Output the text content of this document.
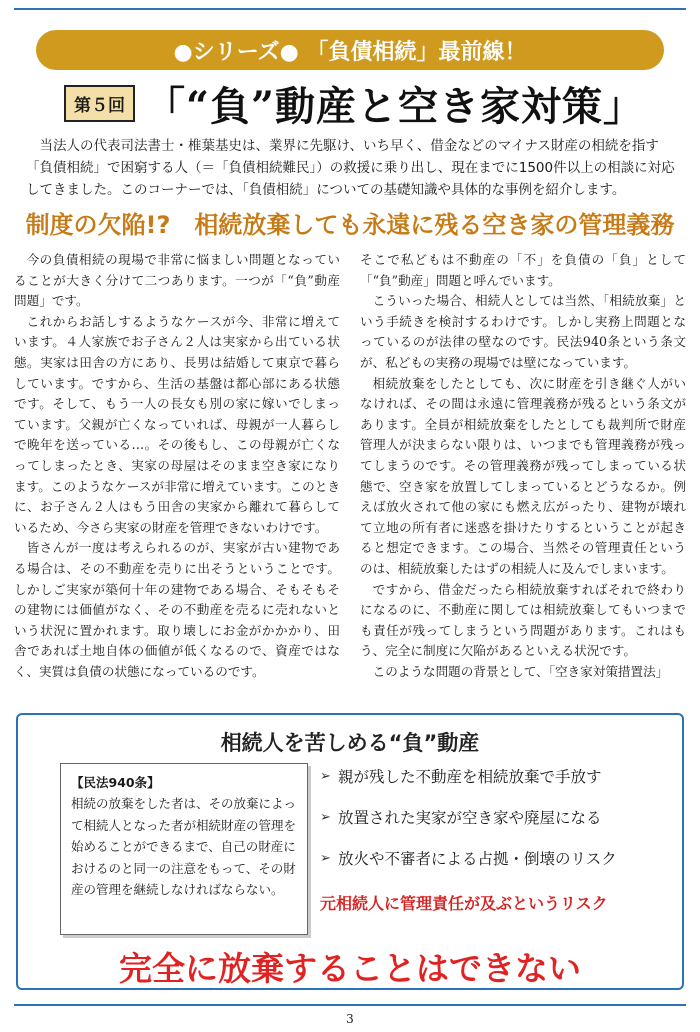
●シリーズ● 「負債相続」最前線！
第５回 「“負”動産と空き家対策」

当法人の代表司法書士・椎葉基史は、業界に先駆け、いち早く、借金などのマイナス財産の相続を指す「負債相続」で困窮する人（＝「負債相続難民」）の救援に乗り出し、現在までに1500件以上の相談に対応してきました。このコーナーでは、「負債相続」についての基礎知識や具体的な事例を紹介します。

制度の欠陥!?　相続放棄しても永遠に残る空き家の管理義務

今の負債相続の現場で非常に悩ましい問題となっていることが大きく分けて二つあります。一つが「“負”動産問題」です。

これからお話しするようなケースが今、非常に増えています。４人家族でお子さん２人は実家から出ている状態。実家は田舎の方にあり、長男は結婚して東京で暮らしています。ですから、生活の基盤は都心部にある状態です。そして、もう一人の長女も別の家に嫁いでしまっています。父親が亡くなっていれば、母親が一人暮らしで晩年を送っている…。その後もし、この母親が亡くなってしまったとき、実家の母屋はそのまま空き家になります。このようなケースが非常に増えています。このときに、お子さん２人はもう田舎の実家から離れて暮らしているため、今さら実家の財産を管理できないわけです。

皆さんが一度は考えられるのが、実家が古い建物である場合は、その不動産を売りに出そうということです。しかしご実家が築何十年の建物である場合、そもそもその建物には価値がなく、その不動産を売るに売れないという状況に置かれます。取り壊しにお金がかかかり、田舎であれば土地自体の価値が低くなるので、資産ではなく、実質は負債の状態になっているのです。

そこで私どもは不動産の「不」を負債の「負」として「“負”動産」問題と呼んでいます。

こういった場合、相続人としては当然、「相続放棄」という手続きを検討するわけです。しかし実務上問題となっているのが法律の壁なのです。民法940条という条文が、私どもの実務の現場では壁になっています。

相続放棄をしたとしても、次に財産を引き継ぐ人がいなければ、その間は永遠に管理義務が残るという条文があります。全員が相続放棄をしたとしても裁判所で財産管理人が決まらない限りは、いつまでも管理義務が残ってしまうのです。その管理義務が残ってしまっている状態で、空き家を放置してしまっているとどうなるか。例えば放火されて他の家にも燃え広がったり、建物が壊れて立地の所有者に迷惑を掛けたりするということが起きると想定できます。この場合、当然その管理責任というのは、相続放棄したはずの相続人に及んでしまいます。

ですから、借金だったら相続放棄すればそれで終わりになるのに、不動産に関しては相続放棄してもいつまでも責任が残ってしまうという問題があります。これはもう、完全に制度に欠陥があるといえる状況です。

このような問題の背景として、「空き家対策措置法」

相続人を苦しめる“負”動産
【民法940条】

相続の放棄をした者は、その放棄によって相続人となった者が相続財産の管理を始めることができるまで、自己の財産におけるのと同一の注意をもって、その財産の管理を継続しなければならない。

➢ 親が残した不動産を相続放棄で手放す
➢ 放置された実家が空き家や廃屋になる
➢ 放火や不審者による占拠・倒壊のリスク
元相続人に管理責任が及ぶというリスク
完全に放棄することはできない
3
